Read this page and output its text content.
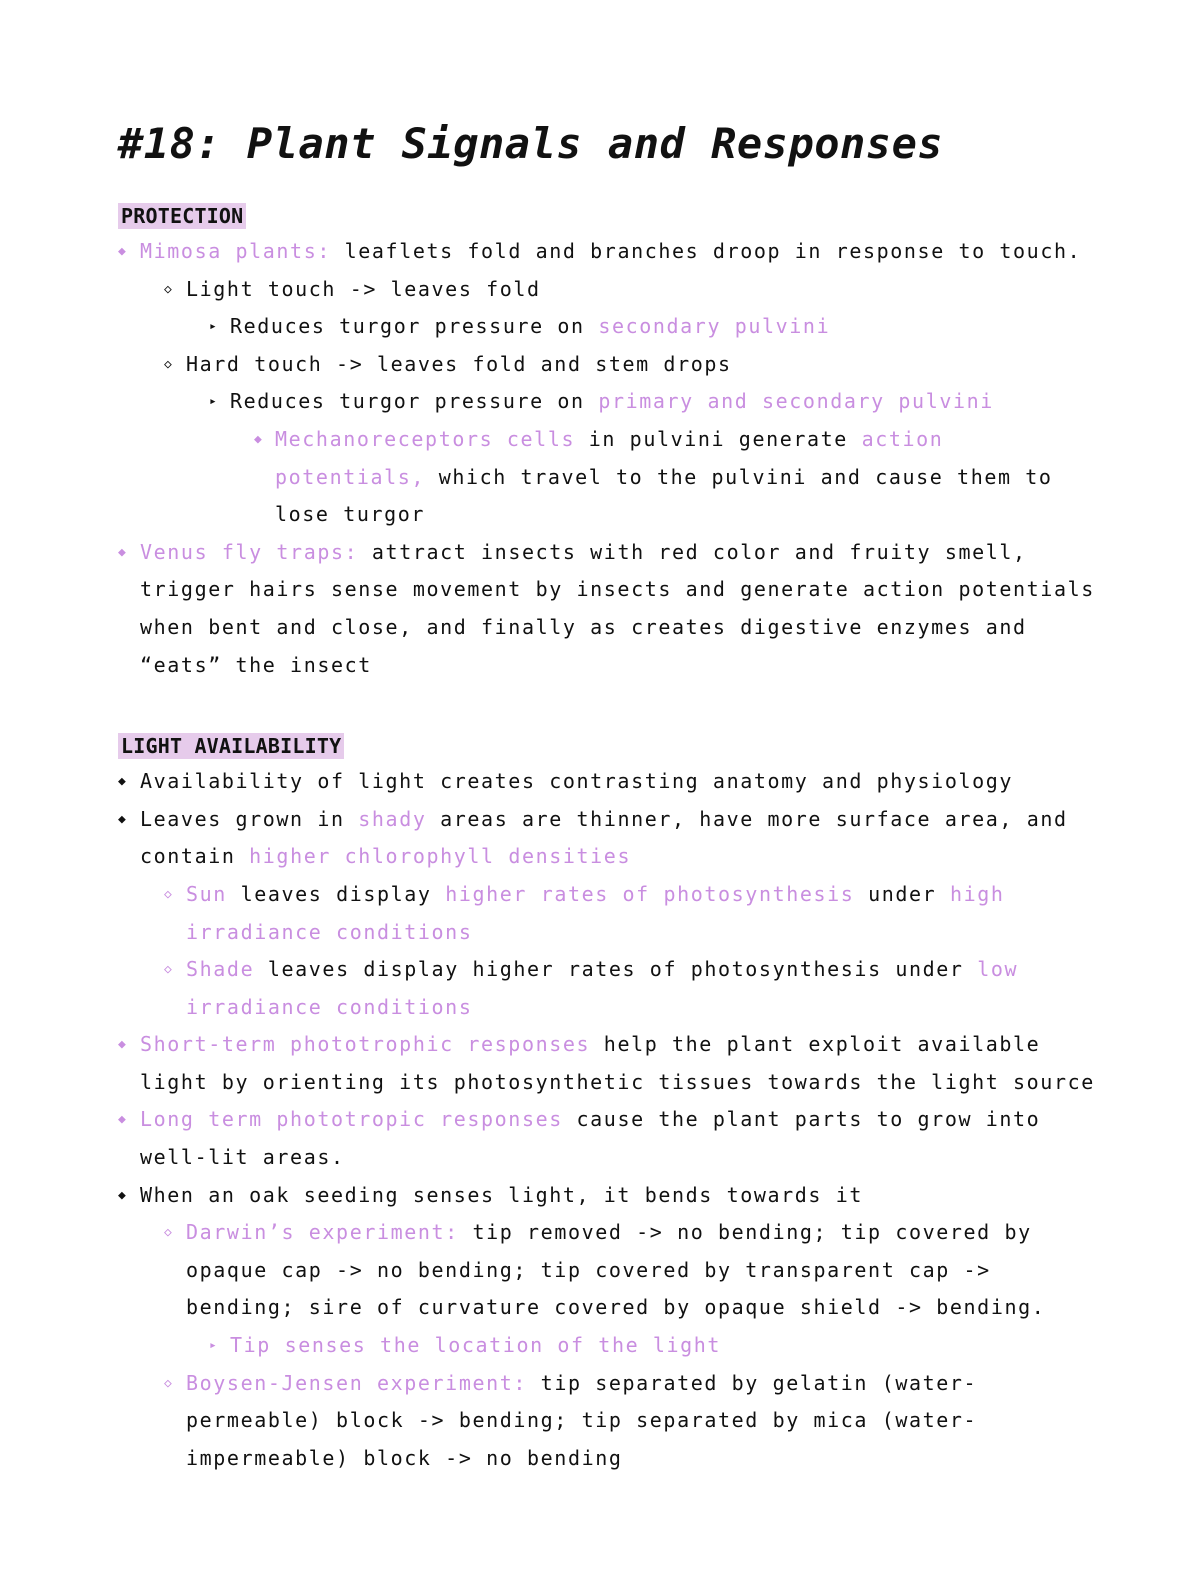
#18: Plant Signals and Responses
PROTECTION
◆ Mimosa plants: leaflets fold and branches droop in response to touch.
◇ Light touch -> leaves fold
▸ Reduces turgor pressure on secondary pulvini
◇ Hard touch -> leaves fold and stem drops
▸ Reduces turgor pressure on primary and secondary pulvini
◆ Mechanoreceptors cells in pulvini generate action potentials, which travel to the pulvini and cause them to lose turgor
◆ Venus fly traps: attract insects with red color and fruity smell, trigger hairs sense movement by insects and generate action potentials when bent and close, and finally as creates digestive enzymes and “eats” the insect
LIGHT AVAILABILITY
◆ Availability of light creates contrasting anatomy and physiology
◆ Leaves grown in shady areas are thinner, have more surface area, and contain higher chlorophyll densities
◇ Sun leaves display higher rates of photosynthesis under high irradiance conditions
◇ Shade leaves display higher rates of photosynthesis under low irradiance conditions
◆ Short-term phototrophic responses help the plant exploit available light by orienting its photosynthetic tissues towards the light source
◆ Long term phototropic responses cause the plant parts to grow into well-lit areas.
◆ When an oak seeding senses light, it bends towards it
◇ Darwin’s experiment: tip removed -> no bending; tip covered by opaque cap -> no bending; tip covered by transparent cap -> bending; sire of curvature covered by opaque shield -> bending.
▸ Tip senses the location of the light
◇ Boysen-Jensen experiment: tip separated by gelatin (water-permeable) block -> bending; tip separated by mica (water-impermeable) block -> no bending
